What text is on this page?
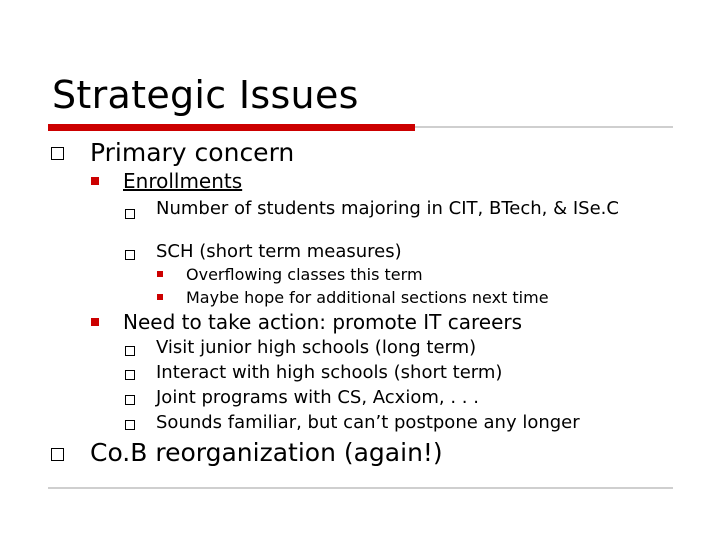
Strategic Issues
Primary concern
Enrollments
Number of students majoring in CIT, BTech, & ISe.C
SCH (short term measures)
Overflowing classes this term
Maybe hope for additional sections next time
Need to take action: promote IT careers
Visit junior high schools (long term)
Interact with high schools (short term)
Joint programs with CS, Acxiom, . . .
Sounds familiar, but can’t postpone any longer
Co.B reorganization (again!)
